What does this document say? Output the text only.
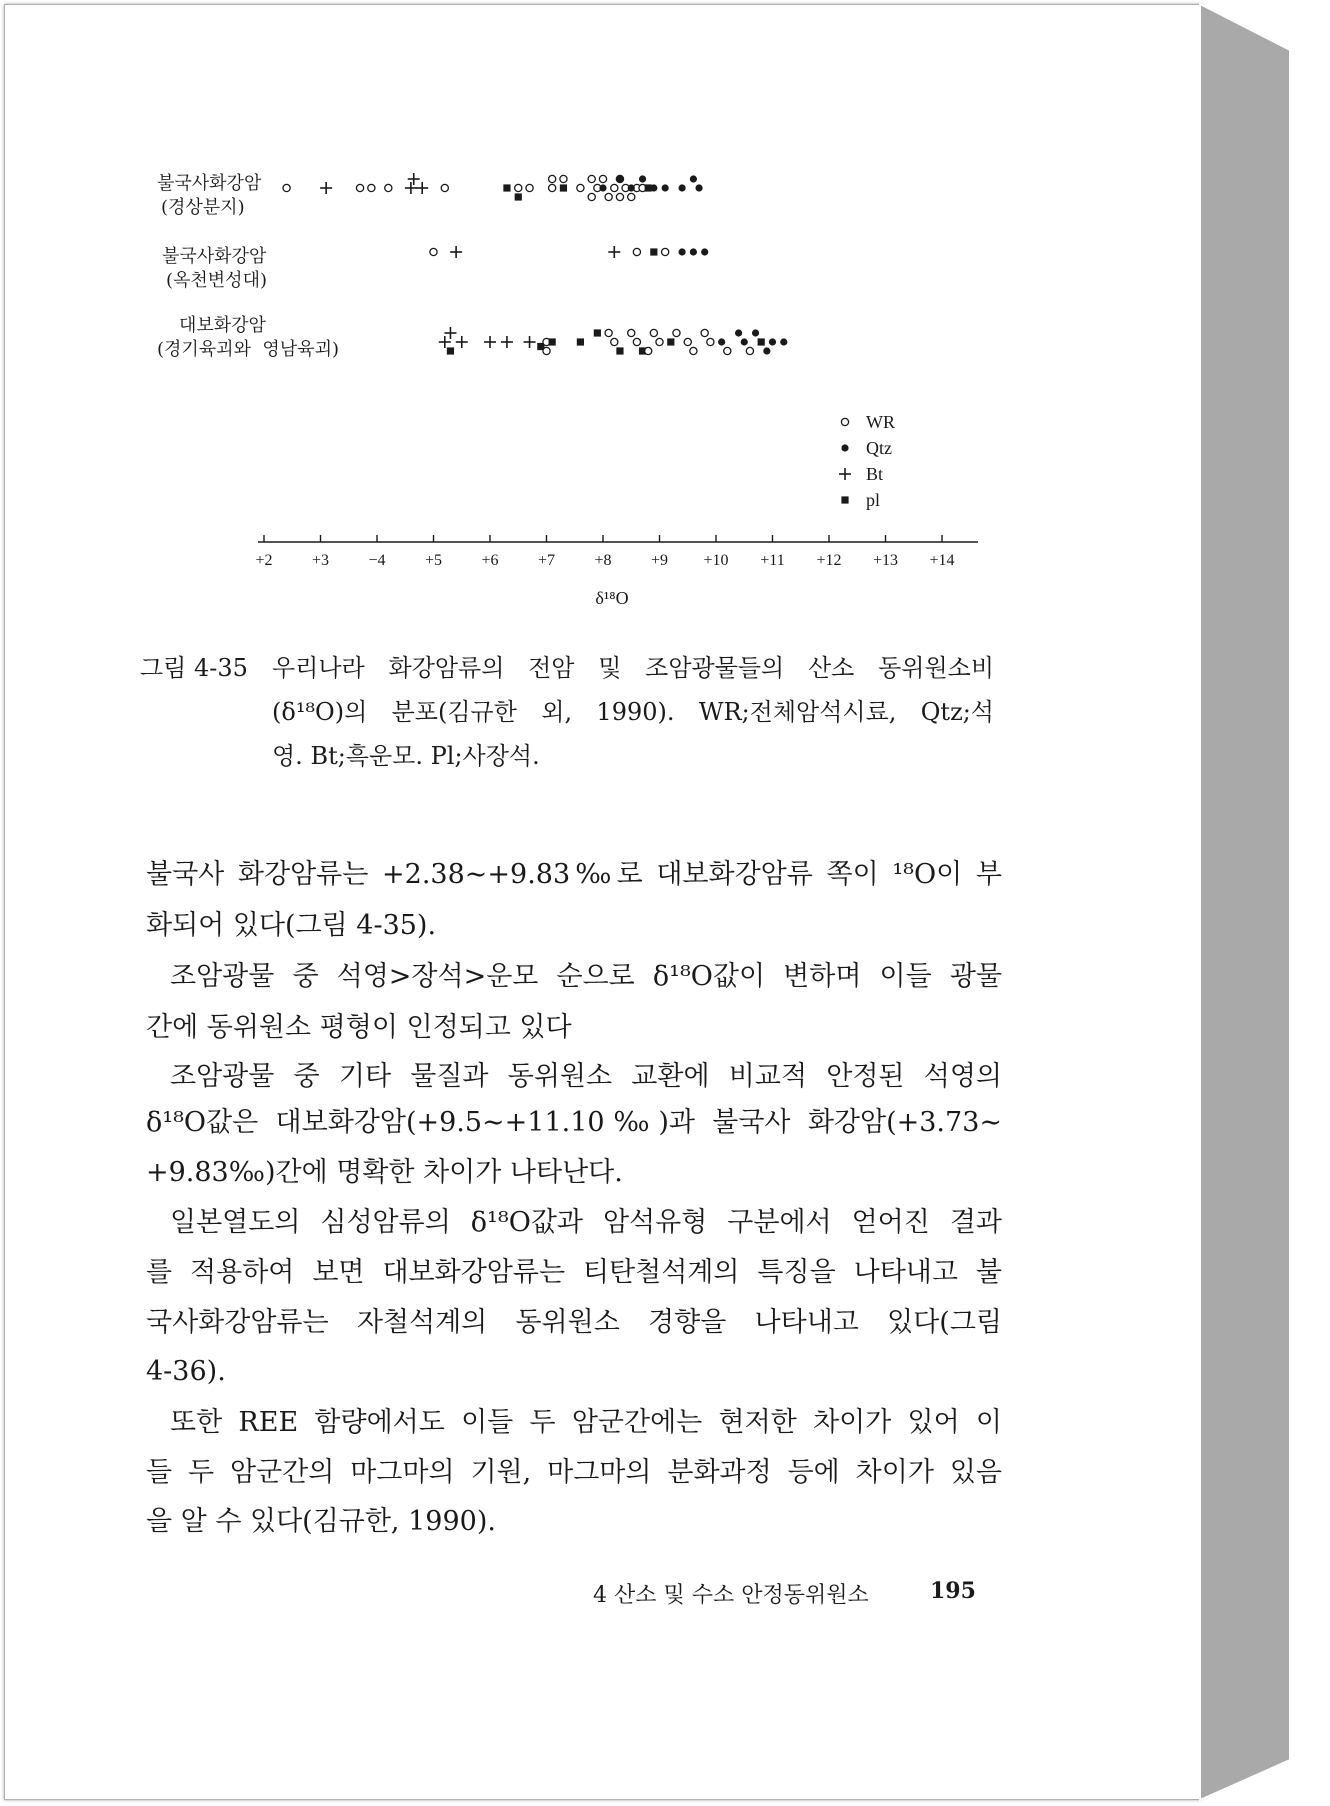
불국사화강암
(경상분지)
불국사화강암
(옥천변성대)
대보화강암
(경기육괴와  영남육괴)
+2 +3 −4 +5 +6 +7 +8 +9 +10 +11 +12 +13 +14
WR
Qtz
Bt
pl
δ¹⁸O
그림 4-35 우리나라 화강암류의 전암 및 조암광물들의 산소 동위원소비
(δ¹⁸O)의 분포(김규한 외, 1990). WR;전체암석시료, Qtz;석
영. Bt;흑운모. Pl;사장석.
불국사 화강암류는 +2.38∼+9.83‰로 대보화강암류 쪽이 ¹⁸O이 부
화되어 있다(그림 4-35).
조암광물 중 석영>장석>운모 순으로 δ¹⁸O값이 변하며 이들 광물
간에 동위원소 평형이 인정되고 있다
조암광물 중 기타 물질과 동위원소 교환에 비교적 안정된 석영의
δ¹⁸O값은 대보화강암(+9.5∼+11.10‰)과 불국사 화강암(+3.73∼
+9.83‰)간에 명확한 차이가 나타난다.
일본열도의 심성암류의 δ¹⁸O값과 암석유형 구분에서 얻어진 결과
를 적용하여 보면 대보화강암류는 티탄철석계의 특징을 나타내고 불
국사화강암류는 자철석계의 동위원소 경향을 나타내고 있다(그림
4-36).
또한 REE 함량에서도 이들 두 암군간에는 현저한 차이가 있어 이
들 두 암군간의 마그마의 기원, 마그마의 분화과정 등에 차이가 있음
을 알 수 있다(김규한, 1990).
4 산소 및 수소 안정동위원소	195
